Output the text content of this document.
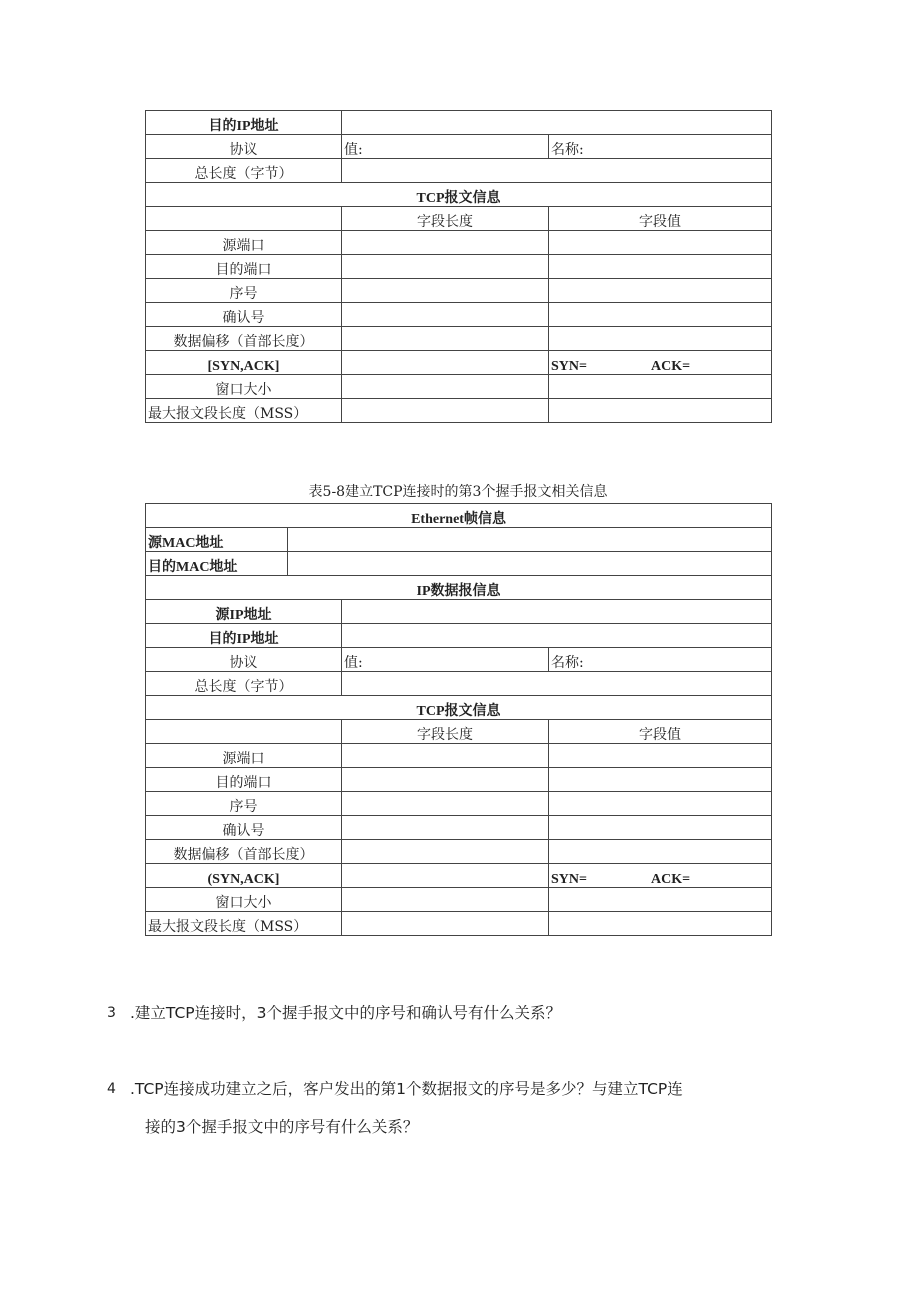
目的IP地址		
协议	值:	名称:
总长度（字节）		
TCP报文信息		
	字段长度	字段值
源端口		
目的端口		
序号		
确认号		
数据偏移（首部长度）		
[SYN,ACK]		SYN= ACK=
窗口大小		
最大报文段长度（MSS）		
表5-8建立TCP连接时的第3个握手报文相关信息
Ethernet帧信息			
源MAC地址			
目的MAC地址			
IP数据报信息			
源IP地址			
目的IP地址			
协议		值:	名称:
总长度（字节）			
TCP报文信息			
		字段长度	字段值
源端口			
目的端口			
序号			
确认号			
数据偏移（首部长度）			
(SYN,ACK]			SYN= ACK=
窗口大小			
最大报文段长度（MSS）			
3 .建立TCP连接时，3个握手报文中的序号和确认号有什么关系？
4 .TCP连接成功建立之后，客户发出的第1个数据报文的序号是多少？与建立TCP连
接的3个握手报文中的序号有什么关系？
